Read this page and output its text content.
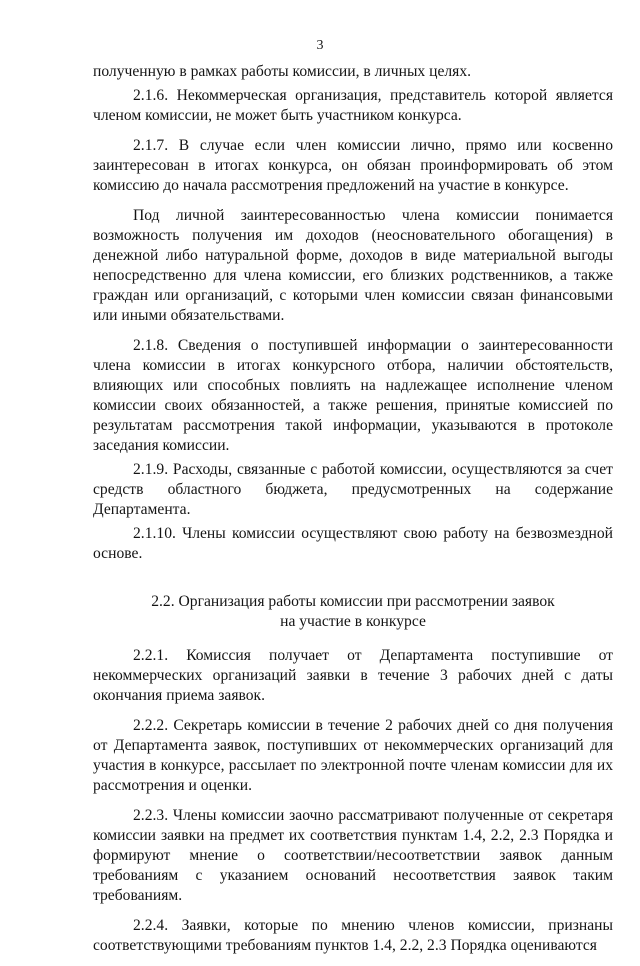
3

полученную в рамках работы комиссии, в личных целях.

2.1.6. Некоммерческая организация, представитель которой является членом комиссии, не может быть участником конкурса.

2.1.7. В случае если член комиссии лично, прямо или косвенно заинтересован в итогах конкурса, он обязан проинформировать об этом комиссию до начала рассмотрения предложений на участие в конкурсе.

Под личной заинтересованностью члена комиссии понимается возможность получения им доходов (неосновательного обогащения) в денежной либо натуральной форме, доходов в виде материальной выгоды непосредственно для члена комиссии, его близких родственников, а также граждан или организаций, с которыми член комиссии связан финансовыми или иными обязательствами.

2.1.8. Сведения о поступившей информации о заинтересованности члена комиссии в итогах конкурсного отбора, наличии обстоятельств, влияющих или способных повлиять на надлежащее исполнение членом комиссии своих обязанностей, а также решения, принятые комиссией по результатам рассмотрения такой информации, указываются в протоколе заседания комиссии.

2.1.9. Расходы, связанные с работой комиссии, осуществляются за счет средств областного бюджета, предусмотренных на содержание Департамента.

2.1.10. Члены комиссии осуществляют свою работу на безвозмездной основе.

2.2. Организация работы комиссии при рассмотрении заявок
на участие в конкурсе

2.2.1. Комиссия получает от Департамента поступившие от некоммерческих организаций заявки в течение 3 рабочих дней с даты окончания приема заявок.

2.2.2. Секретарь комиссии в течение 2 рабочих дней со дня получения от Департамента заявок, поступивших от некоммерческих организаций для участия в конкурсе, рассылает по электронной почте членам комиссии для их рассмотрения и оценки.

2.2.3. Члены комиссии заочно рассматривают полученные от секретаря комиссии заявки на предмет их соответствия пунктам 1.4, 2.2, 2.3 Порядка и формируют мнение о соответствии/несоответствии заявок данным требованиям с указанием оснований несоответствия заявок таким требованиям.

2.2.4. Заявки, которые по мнению членов комиссии, признаны соответствующими требованиям пунктов 1.4, 2.2, 2.3 Порядка оцениваются
